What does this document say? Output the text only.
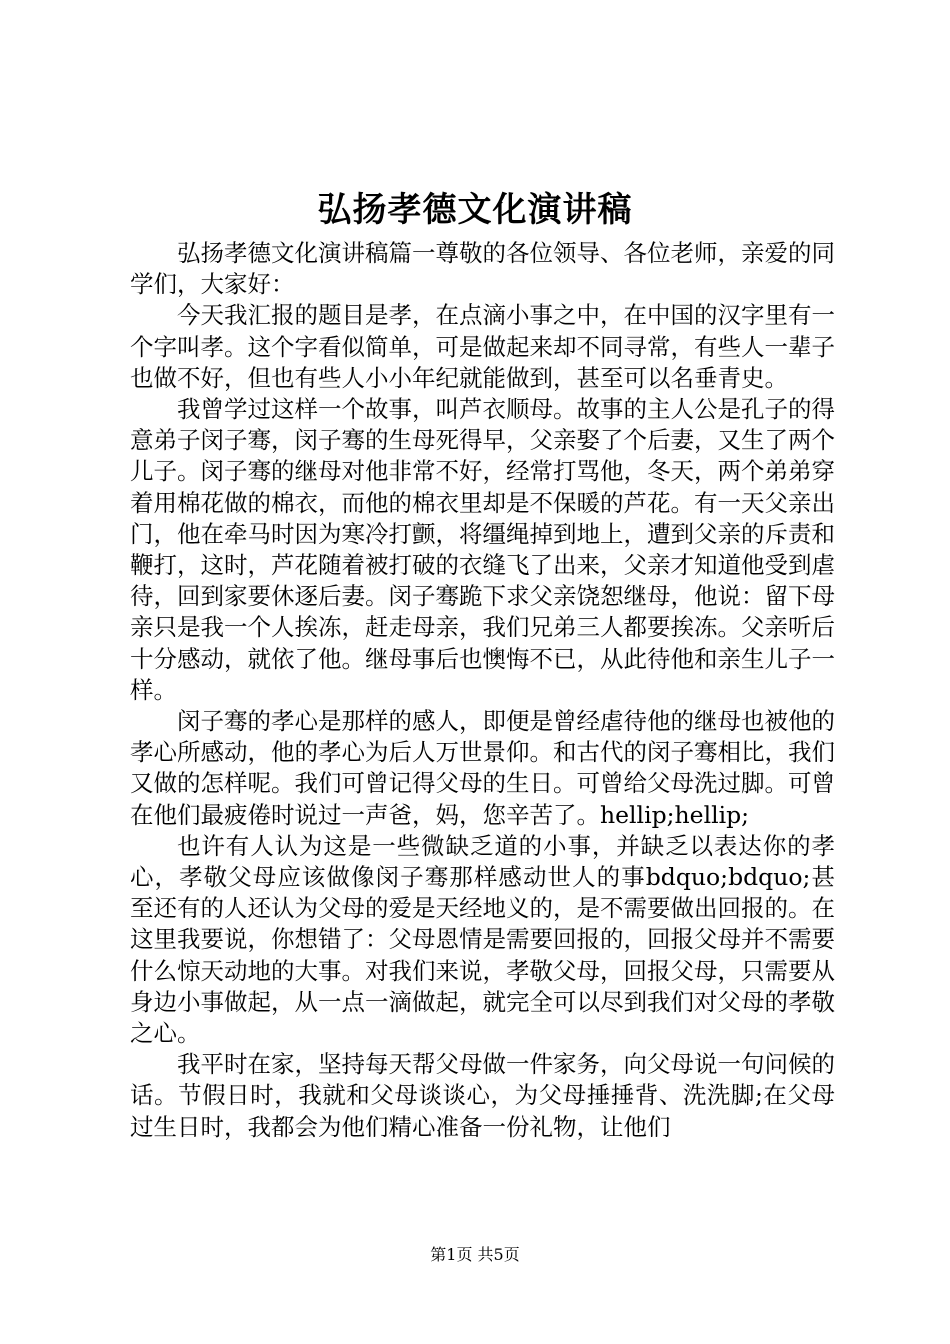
弘扬孝德文化演讲稿

弘扬孝德文化演讲稿篇一尊敬的各位领导、各位老师，亲爱的同学们，大家好：

今天我汇报的题目是孝，在点滴小事之中，在中国的汉字里有一个字叫孝。这个字看似简单，可是做起来却不同寻常，有些人一辈子也做不好，但也有些人小小年纪就能做到，甚至可以名垂青史。

我曾学过这样一个故事，叫芦衣顺母。故事的主人公是孔子的得意弟子闵子骞，闵子骞的生母死得早，父亲娶了个后妻，又生了两个儿子。闵子骞的继母对他非常不好，经常打骂他，冬天，两个弟弟穿着用棉花做的棉衣，而他的棉衣里却是不保暖的芦花。有一天父亲出门，他在牵马时因为寒冷打颤，将缰绳掉到地上，遭到父亲的斥责和鞭打，这时，芦花随着被打破的衣缝飞了出来，父亲才知道他受到虐待，回到家要休逐后妻。闵子骞跪下求父亲饶恕继母，他说：留下母亲只是我一个人挨冻，赶走母亲，我们兄弟三人都要挨冻。父亲听后十分感动，就依了他。继母事后也懊悔不已，从此待他和亲生儿子一样。

闵子骞的孝心是那样的感人，即便是曾经虐待他的继母也被他的孝心所感动，他的孝心为后人万世景仰。和古代的闵子骞相比，我们又做的怎样呢。我们可曾记得父母的生日。可曾给父母洗过脚。可曾在他们最疲倦时说过一声爸，妈，您辛苦了。hellip;hellip;

也许有人认为这是一些微缺乏道的小事，并缺乏以表达你的孝心，孝敬父母应该做像闵子骞那样感动世人的事bdquo;bdquo;甚至还有的人还认为父母的爱是天经地义的，是不需要做出回报的。在这里我要说，你想错了：父母恩情是需要回报的，回报父母并不需要什么惊天动地的大事。对我们来说，孝敬父母，回报父母，只需要从身边小事做起，从一点一滴做起，就完全可以尽到我们对父母的孝敬之心。

我平时在家，坚持每天帮父母做一件家务，向父母说一句问候的话。节假日时，我就和父母谈谈心，为父母捶捶背、洗洗脚;在父母过生日时，我都会为他们精心准备一份礼物，让他们

第1页 共5页
